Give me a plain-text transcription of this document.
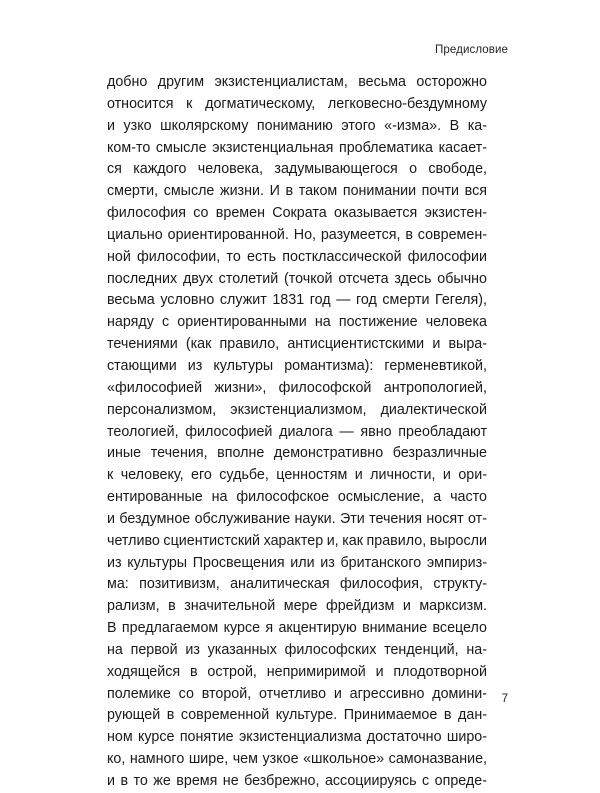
Предисловие
добно другим экзистенциалистам, весьма осторожно
относится к догматическому, легковесно-бездумному
и узко школярскому пониманию этого «-изма». В ка-
ком-то смысле экзистенциальная проблематика касает-
ся каждого человека, задумывающегося о свободе,
смерти, смысле жизни. И в таком понимании почти вся
философия со времен Сократа оказывается экзистен-
циально ориентированной. Но, разумеется, в современ-
ной философии, то есть постклассической философии
последних двух столетий (точкой отсчета здесь обычно
весьма условно служит 1831 год — год смерти Гегеля),
наряду с ориентированными на постижение человека
течениями (как правило, антисциентистскими и выра-
стающими из культуры романтизма): герменевтикой,
«философией жизни», философской антропологией,
персонализмом, экзистенциализмом, диалектической
теологией, философией диалога — явно преобладают
иные течения, вполне демонстративно безразличные
к человеку, его судьбе, ценностям и личности, и ори-
ентированные на философское осмысление, а часто
и бездумное обслуживание науки. Эти течения носят от-
четливо сциентистский характер и, как правило, выросли
из культуры Просвещения или из британского эмпириз-
ма: позитивизм, аналитическая философия, структу-
рализм, в значительной мере фрейдизм и марксизм.
В предлагаемом курсе я акцентирую внимание всецело
на первой из указанных философских тенденций, на-
ходящейся в острой, непримиримой и плодотворной
полемике со второй, отчетливо и агрессивно домини-
рующей в современной культуре. Принимаемое в дан-
ном курсе понятие экзистенциализма достаточно широ-
ко, намного шире, чем узкое «школьное» самоназвание,
и в то же время не безбрежно, ассоциируясь с опреде-
7
